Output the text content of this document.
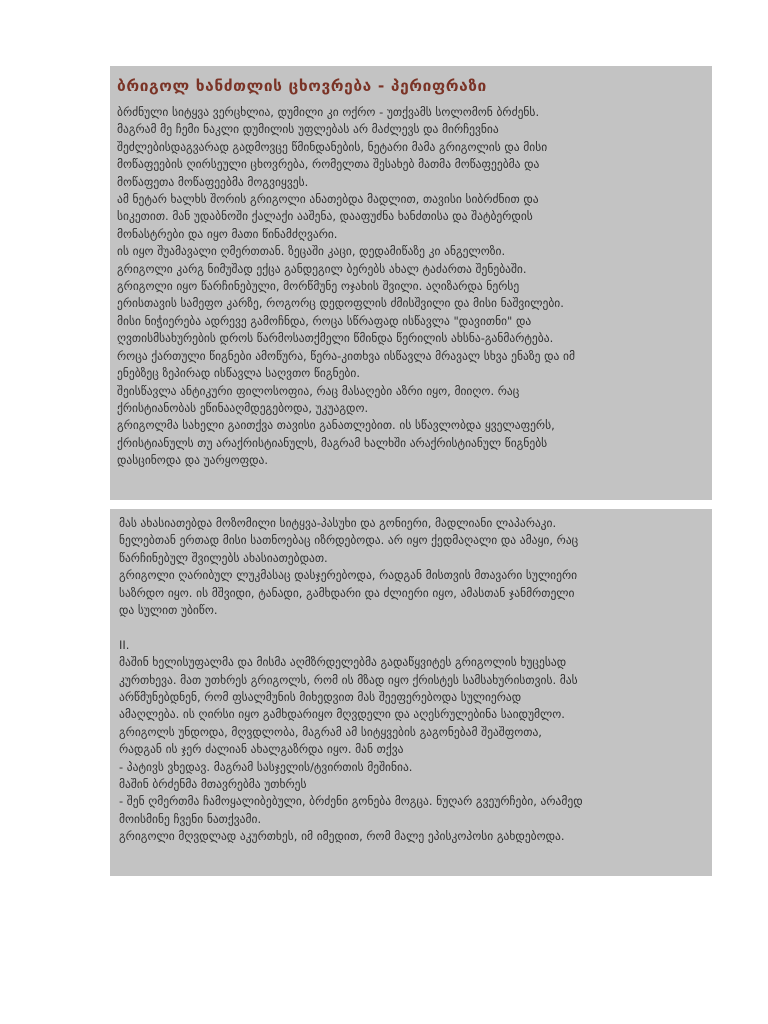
ბრიგოლ ხანძთლის ცხოვრება - პერიფრაზი
ბრძნული სიტყვა ვერცხლია, დუმილი კი ოქრო - უთქვამს სოლომონ ბრძენს.
მაგრამ მე ჩემი ნაკლი დუმილის უფლებას არ მაძლევს და მირჩევნია
შეძლებისდაგვარად გადმოვცე წმინდანების, ნეტარი მამა გრიგოლის და მისი
მოწაფეების ღირსეული ცხოვრება, რომელთა შესახებ მათმა მოწაფეებმა და
მოწაფეთა მოწაფეებმა მოგვიყვეს.
ამ ნეტარ ხალხს შორის გრიგოლი ანათებდა მადლით, თავისი სიბრძნით და
სიკეთით. მან უდაბნოში ქალაქი ააშენა, დააფუძნა ხანძთისა და შატბერდის
მონასტრები და იყო მათი წინამძღვარი.
ის იყო შუამავალი ღმერთთან. ზეცაში კაცი, დედამიწაზე კი ანგელოზი.
გრიგოლი კარგ ნიმუშად ექცა განდეგილ ბერებს ახალ ტაძართა შენებაში.
გრიგოლი იყო წარჩინებული, მორწმუნე ოჯახის შვილი. აღიზარდა ნერსე
ერისთავის სამეფო კარზე, როგორც დედოფლის ძმისშვილი და მისი ნაშვილები.
მისი ნიჭიერება ადრევე გამოჩნდა, როცა სწრაფად ისწავლა "დავითნი" და
ღვთისმსახურების დროს წარმოსათქმელი წმინდა წერილის ახსნა-განმარტება.
როცა ქართული წიგნები ამოწურა, წერა-კითხვა ისწავლა მრავალ სხვა ენაზე და იმ
ენებზეც ზეპირად ისწავლა საღვთო წიგნები.
შეისწავლა ანტიკური ფილოსოფია, რაც მასაღები აზრი იყო, მიიღო. რაც
ქრისტიანობას ეწინააღმდეგებოდა, უკუაგდო.
გრიგოლმა სახელი გაითქვა თავისი განათლებით. ის სწავლობდა ყველაფერს,
ქრისტიანულს თუ არაქრისტიანულს, მაგრამ ხალხში არაქრისტიანულ წიგნებს
დასცინოდა და უარყოფდა.
მას ახასიათებდა მოზომილი სიტყვა-პასუხი და გონიერი, მადლიანი ლაპარაკი.
ნელებთან ერთად მისი სათნოებაც იზრდებოდა. არ იყო ქედმაღალი და ამაყი, რაც
წარჩინებულ შვილებს ახასიათებდათ.
გრიგოლი ღარიბულ ლუკმასაც დასჯერებოდა, რადგან მისთვის მთავარი სულიერი
საზრდო იყო. ის მშვიდი, ტანადი, გამხდარი და ძლიერი იყო, ამასთან ჯანმრთელი
და სულით უბიწო.
II.
მაშინ ხელისუფალმა და მისმა აღმზრდელებმა გადაწყვიტეს გრიგოლის ხუცესად
კურთხევა. მათ უთხრეს გრიგოლს, რომ ის მზად იყო ქრისტეს სამსახურისთვის. მას
არწმუნებდნენ, რომ ფსალმუნის მიხედვით მას შეეფერებოდა სულიერად
ამაღლება. ის ღირსი იყო გამხდარიყო მღვდელი და აღესრულებინა საიდუმლო.
გრიგოლს უნდოდა, მღვდლობა, მაგრამ ამ სიტყვების გაგონებამ შეაშფოთა,
რადგან ის ჯერ ძალიან ახალგაზრდა იყო. მან თქვა
- პატივს ვხედავ. მაგრამ სასჯელის/ტვირთის მეშინია.
მაშინ ბრძენმა მთავრებმა უთხრეს
- შენ ღმერთმა ჩამოყალიბებული, ბრძენი გონება მოგცა. ნუღარ გვეურჩები, არამედ
მოისმინე ჩვენი ნათქვამი.
გრიგოლი მღვდლად აკურთხეს, იმ იმედით, რომ მალე ეპისკოპოსი გახდებოდა.
